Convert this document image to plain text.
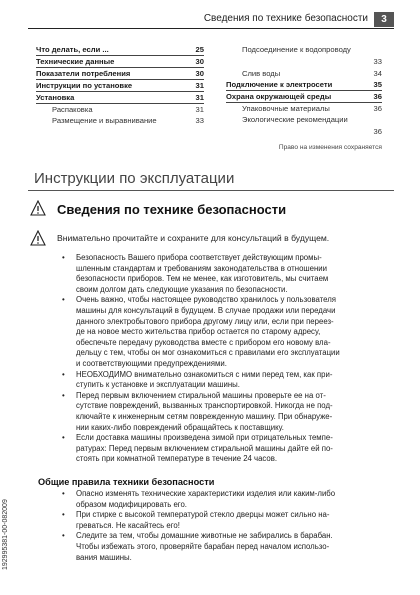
Сведения по технике безопасности	3
Что делать, если ...	25
Технические данные	30
Показатели потребления	30
Инструкции по установке	31
Установка	31
Распаковка	31
Размещение и выравнивание	33
Подсоединение к водопроводу
33
Слив воды	34
Подключение к электросети	35
Охрана окружающей среды	36
Упаковочные материалы	36
Экологические рекомендации
36
Право на изменения сохраняется
Инструкции по эксплуатации
Сведения по технике безопасности
Внимательно прочитайте и сохраните для консультаций в будущем.
• Безопасность Вашего прибора соответствует действующим промы-
шленным стандартам и требованиям законодательства в отношении
безопасности приборов. Тем не менее, как изготовитель, мы считаем
своим долгом дать следующие указания по безопасности.
• Очень важно, чтобы настоящее руководство хранилось у пользователя
машины для консультаций в будущем. В случае продажи или передачи
данного электробытового прибора другому лицу или, если при переез-
де на новое место жительства прибор остается по старому адресу,
обеспечьте передачу руководства вместе с прибором его новому вла-
дельцу с тем, чтобы он мог ознакомиться с правилами его эксплуатации
и соответствующими предупреждениями.
• НЕОБХОДИМО внимательно ознакомиться с ними перед тем, как при-
ступить к установке и эксплуатации машины.
• Перед первым включением стиральной машины проверьте ее на от-
сутствие повреждений, вызванных транспортировкой. Никогда не под-
ключайте к инженерным сетям поврежденную машину. При обнаруже-
нии каких-либо повреждений обращайтесь к поставщику.
• Если доставка машины произведена зимой при отрицательных темпе-
ратурах: Перед первым включением стиральной машины дайте ей по-
стоять при комнатной температуре в течение 24 часов.
Общие правила техники безопасности
• Опасно изменять технические характеристики изделия или каким-либо
образом модифицировать его.
• При стирке с высокой температурой стекло дверцы может сильно на-
греваться. Не касайтесь его!
• Следите за тем, чтобы домашние животные не забирались в барабан.
Чтобы избежать этого, проверяйте барабан перед началом использо-
вания машины.
192995381-00-082009
